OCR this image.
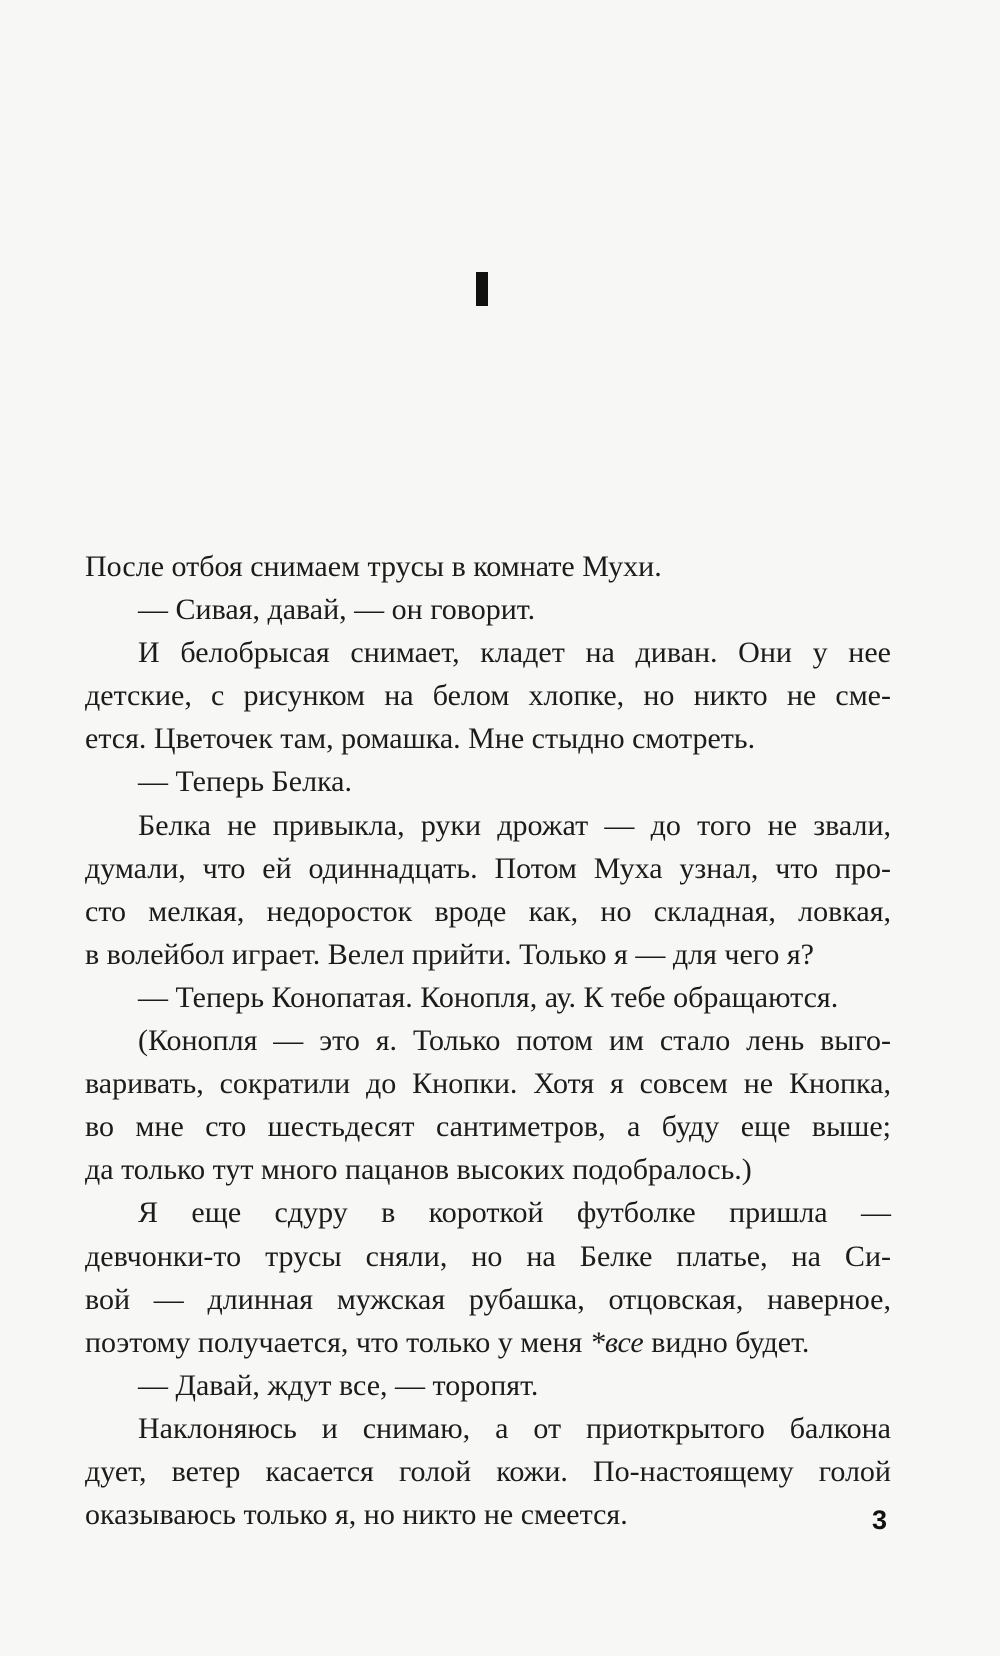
После отбоя снимаем трусы в комнате Мухи.
— Сивая, давай, — он говорит.
И белобрысая снимает, кладет на диван. Они у нее
детские, с рисунком на белом хлопке, но никто не сме-
ется. Цветочек там, ромашка. Мне стыдно смотреть.
— Теперь Белка.
Белка не привыкла, руки дрожат — до того не звали,
думали, что ей одиннадцать. Потом Муха узнал, что про-
сто мелкая, недоросток вроде как, но складная, ловкая,
в волейбол играет. Велел прийти. Только я — для чего я?
— Теперь Конопатая. Конопля, ау. К тебе обращаются.
(Конопля — это я. Только потом им стало лень выго-
варивать, сократили до Кнопки. Хотя я совсем не Кнопка,
во мне сто шестьдесят сантиметров, а буду еще выше;
да только тут много пацанов высоких подобралось.)
Я еще сдуру в короткой футболке пришла —
девчонки-то трусы сняли, но на Белке платье, на Си-
вой — длинная мужская рубашка, отцовская, наверное,
поэтому получается, что только у меня *все видно будет.
— Давай, ждут все, — торопят.
Наклоняюсь и снимаю, а от приоткрытого балкона
дует, ветер касается голой кожи. По-настоящему голой
оказываюсь только я, но никто не смеется.	3
